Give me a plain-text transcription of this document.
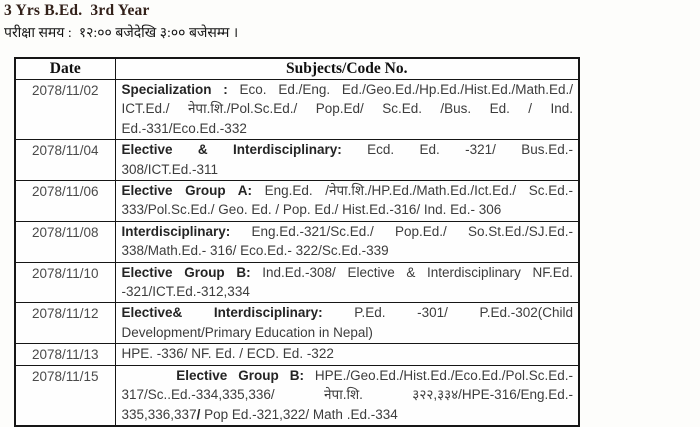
3 Yrs B.Ed.  3rd Year
परीक्षा समय :  १२:०० बजेदेखि ३:०० बजेसम्म ।
Date	Subjects/Code No.
2078/11/02	Specialization : Eco. Ed./Eng. Ed./Geo.Ed./Hp.Ed./Hist.Ed./Math.Ed./
ICT.Ed./ नेपा.शि./Pol.Sc.Ed./ Pop.Ed/ Sc.Ed. /Bus. Ed. / Ind.
Ed.-331/Eco.Ed.-332

2078/11/04	Elective & Interdisciplinary: Ecd. Ed. -321/ Bus.Ed.-
308/ICT.Ed.-311

2078/11/06	Elective Group A: Eng.Ed. /नेपा.शि./HP.Ed./Math.Ed./Ict.Ed./ Sc.Ed.-
333/Pol.Sc.Ed./ Geo. Ed. / Pop. Ed./ Hist.Ed.-316/ Ind. Ed.- 306

2078/11/08	Interdisciplinary: Eng.Ed.-321/Sc.Ed./ Pop.Ed./ So.St.Ed./SJ.Ed.-
338/Math.Ed.- 316/ Eco.Ed.- 322/Sc.Ed.-339

2078/11/10	Elective Group B: Ind.Ed.-308/ Elective & Interdisciplinary NF.Ed.
-321/ICT.Ed.-312,334

2078/11/12	Elective& Interdisciplinary: P.Ed. -301/ P.Ed.-302(Child
Development/Primary Education in Nepal)

2078/11/13	HPE. -336/ NF. Ed. / ECD. Ed. -322

2078/11/15	Elective Group B: HPE./Geo.Ed./Hist.Ed./Eco.Ed./Pol.Sc.Ed.-
317/Sc..Ed.-334,335,336/ नेपा.शि. ३२२,३३४/HPE-316/Eng.Ed.-
335,336,337/ Pop Ed.-321,322/ Math .Ed.-334
